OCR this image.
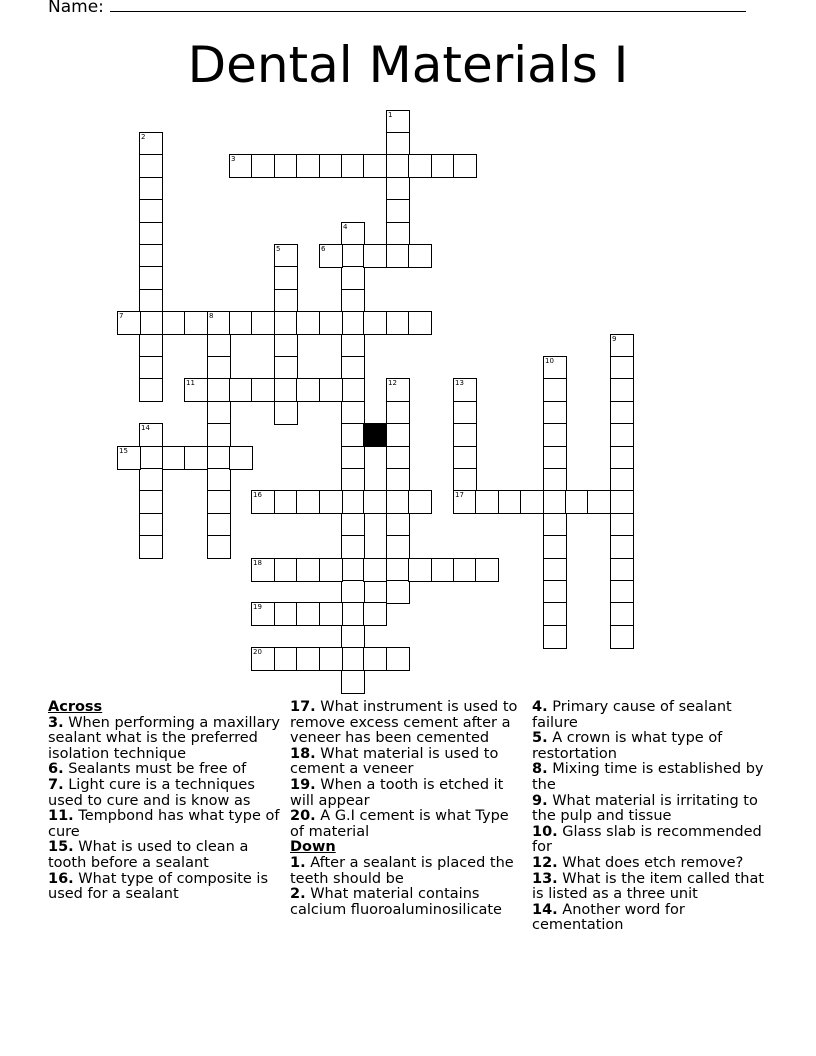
Name:
Dental Materials I
1
2
3
4
5	6
7	8
9
10
11	12	13
14
15
16	17
18
19
20
Across
3. When performing a maxillary sealant what is the preferred isolation technique
6. Sealants must be free of
7. Light cure is a techniques used to cure and is know as
11. Tempbond has what type of cure
15. What is used to clean a tooth before a sealant
16. What type of composite is used for a sealant
17. What instrument is used to remove excess cement after a veneer has been cemented
18. What material is used to cement a veneer
19. When a tooth is etched it will appear
20. A G.I cement is what Type of material
Down
1. After a sealant is placed the teeth should be
2. What material contains calcium fluoroaluminosilicate
4. Primary cause of sealant failure
5. A crown is what type of restortation
8. Mixing time is established by the
9. What material is irritating to the pulp and tissue
10. Glass slab is recommended for
12. What does etch remove?
13. What is the item called that is listed as a three unit
14. Another word for cementation
